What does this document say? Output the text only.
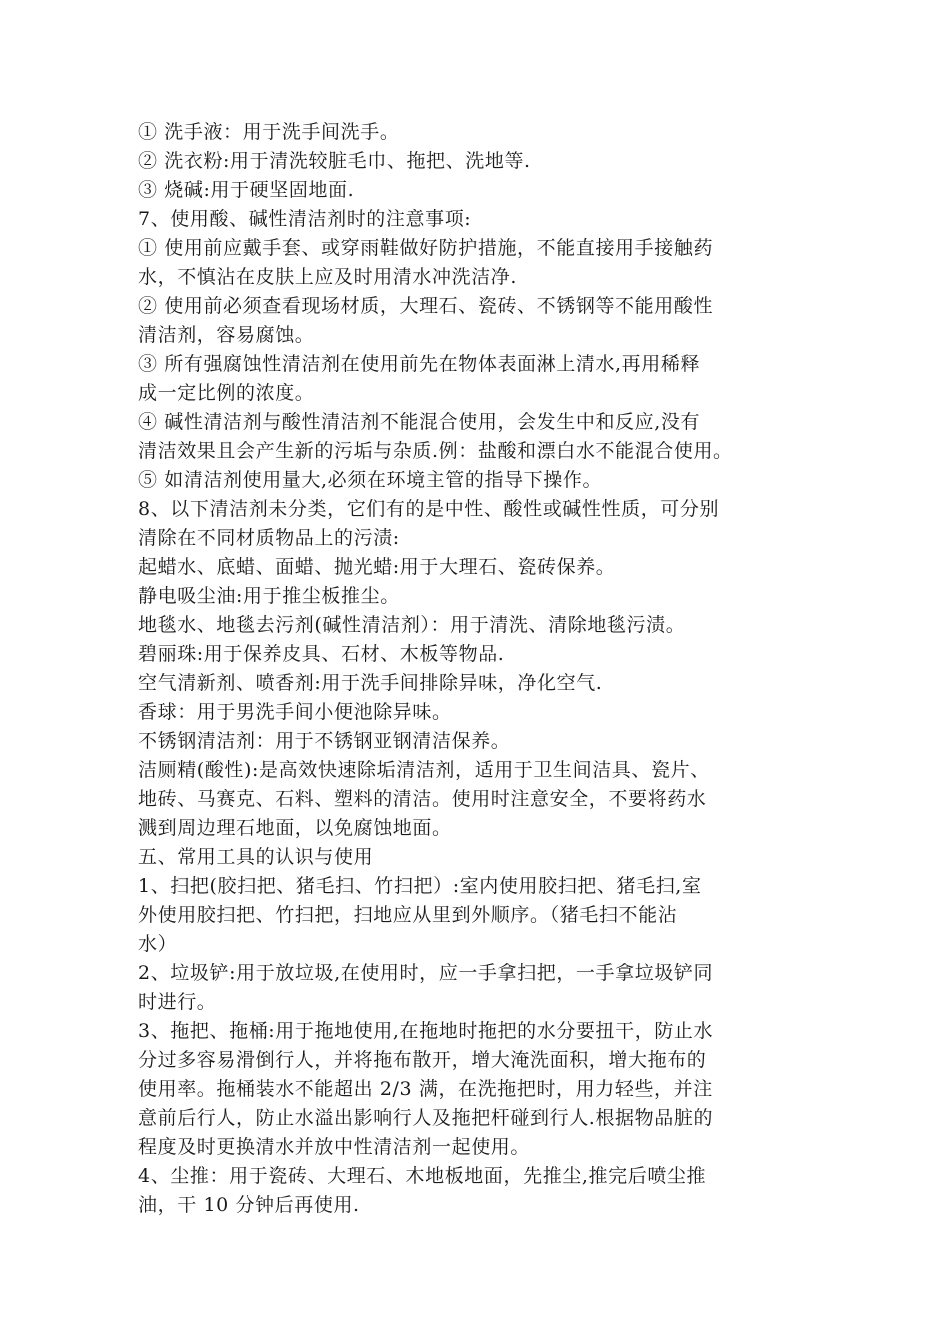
① 洗手液：用于洗手间洗手。
② 洗衣粉:用于清洗较脏毛巾、拖把、洗地等.
③ 烧碱:用于硬坚固地面.
7、使用酸、碱性清洁剂时的注意事项:
① 使用前应戴手套、或穿雨鞋做好防护措施，不能直接用手接触药
水，不慎沾在皮肤上应及时用清水冲洗洁净.
② 使用前必须查看现场材质，大理石、瓷砖、不锈钢等不能用酸性
清洁剂，容易腐蚀。
③ 所有强腐蚀性清洁剂在使用前先在物体表面淋上清水,再用稀释
成一定比例的浓度。
④ 碱性清洁剂与酸性清洁剂不能混合使用，会发生中和反应,没有
清洁效果且会产生新的污垢与杂质.例：盐酸和漂白水不能混合使用。
⑤ 如清洁剂使用量大,必须在环境主管的指导下操作。
8、以下清洁剂未分类，它们有的是中性、酸性或碱性性质，可分别
清除在不同材质物品上的污渍:
起蜡水、底蜡、面蜡、抛光蜡:用于大理石、瓷砖保养。
静电吸尘油:用于推尘板推尘。
地毯水、地毯去污剂(碱性清洁剂）：用于清洗、清除地毯污渍。
碧丽珠:用于保养皮具、石材、木板等物品.
空气清新剂、喷香剂:用于洗手间排除异味，净化空气.
香球：用于男洗手间小便池除异味。
不锈钢清洁剂：用于不锈钢亚钢清洁保养。
洁厕精(酸性):是高效快速除垢清洁剂，适用于卫生间洁具、瓷片、
地砖、马赛克、石料、塑料的清洁。使用时注意安全，不要将药水
溅到周边理石地面，以免腐蚀地面。
五、常用工具的认识与使用
1、扫把(胶扫把、猪毛扫、竹扫把）:室内使用胶扫把、猪毛扫,室
外使用胶扫把、竹扫把，扫地应从里到外顺序。（猪毛扫不能沾
水）
2、垃圾铲:用于放垃圾,在使用时，应一手拿扫把，一手拿垃圾铲同
时进行。
3、拖把、拖桶:用于拖地使用,在拖地时拖把的水分要扭干，防止水
分过多容易滑倒行人，并将拖布散开，增大淹洗面积，增大拖布的
使用率。拖桶装水不能超出 2/3 满，在洗拖把时，用力轻些，并注
意前后行人，防止水溢出影响行人及拖把杆碰到行人.根据物品脏的
程度及时更换清水并放中性清洁剂一起使用。
4、尘推：用于瓷砖、大理石、木地板地面，先推尘,推完后喷尘推
油，干 10 分钟后再使用.
